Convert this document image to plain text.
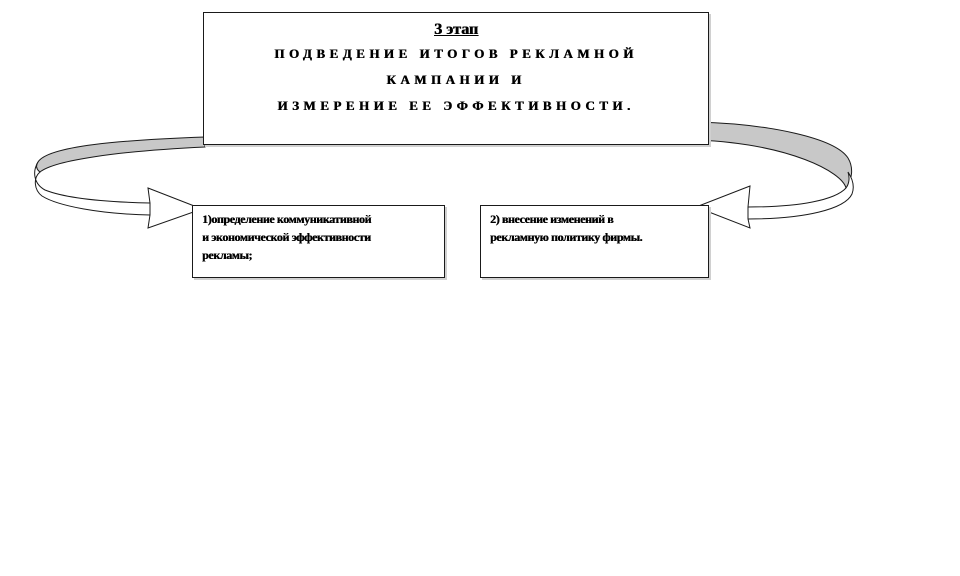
3 этап
ПОДВЕДЕНИЕ ИТОГОВ РЕКЛАМНОЙ
КАМПАНИИ И
ИЗМЕРЕНИЕ ЕЕ ЭФФЕКТИВНОСТИ.
1)определение коммуникативной
и экономической эффективности
рекламы;
2) внесение изменений в
рекламную политику фирмы.
